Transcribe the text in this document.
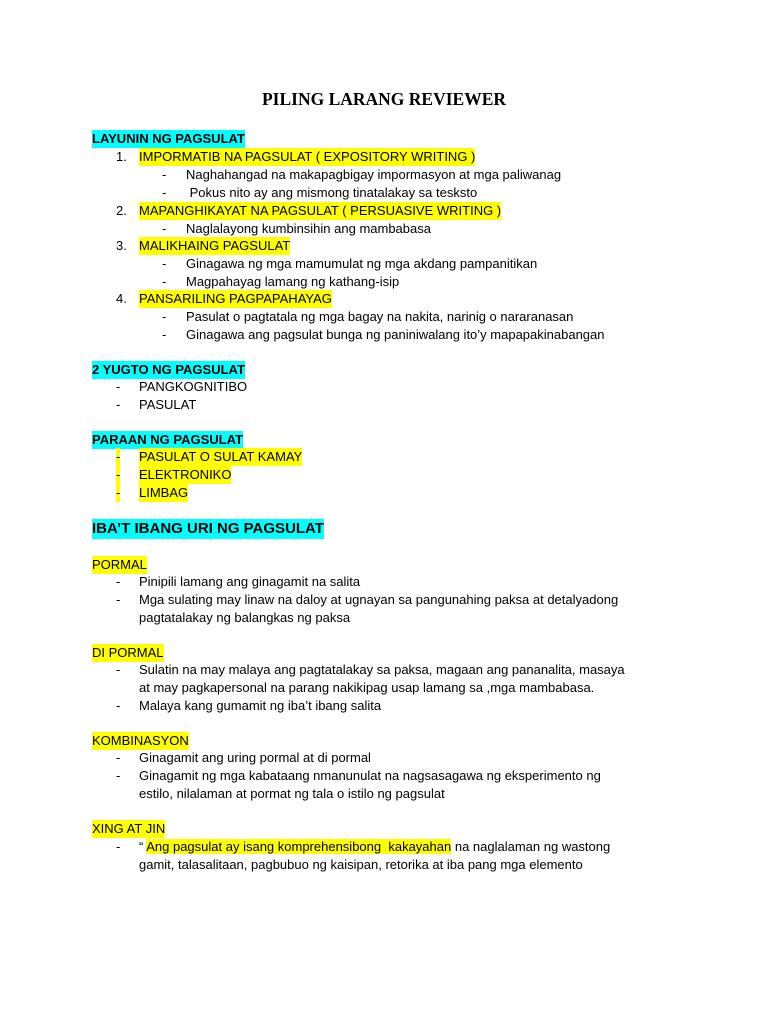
PILING LARANG REVIEWER
LAYUNIN NG PAGSULAT
1. IMPORMATIB NA PAGSULAT ( EXPOSITORY WRITING )
- Naghahangad na makapagbigay impormasyon at mga paliwanag
- Pokus nito ay ang mismong tinatalakay sa tesksto
2. MAPANGHIKAYAT NA PAGSULAT ( PERSUASIVE WRITING )
- Naglalayong kumbinsihin ang mambabasa
3. MALIKHAING PAGSULAT
- Ginagawa ng mga mamumulat ng mga akdang pampanitikan
- Magpahayag lamang ng kathang-isip
4. PANSARILING PAGPAPAHAYAG
- Pasulat o pagtatala ng mga bagay na nakita, narinig o nararanasan
- Ginagawa ang pagsulat bunga ng paniniwalang ito’y mapapakinabangan
2 YUGTO NG PAGSULAT
- PANGKOGNITIBO
- PASULAT
PARAAN NG PAGSULAT
- PASULAT O SULAT KAMAY
- ELEKTRONIKO
- LIMBAG
IBA’T IBANG URI NG PAGSULAT
PORMAL
- Pinipili lamang ang ginagamit na salita
- Mga sulating may linaw na daloy at ugnayan sa pangunahing paksa at detalyadong
pagtatalakay ng balangkas ng paksa
DI PORMAL
- Sulatin na may malaya ang pagtatalakay sa paksa, magaan ang pananalita, masaya
at may pagkapersonal na parang nakikipag usap lamang sa ,mga mambabasa.
- Malaya kang gumamit ng iba’t ibang salita
KOMBINASYON
- Ginagamit ang uring pormal at di pormal
- Ginagamit ng mga kabataang nmanunulat na nagsasagawa ng eksperimento ng
estilo, nilalaman at pormat ng tala o istilo ng pagsulat
XING AT JIN
- “ Ang pagsulat ay isang komprehensibong  kakayahan na naglalaman ng wastong
gamit, talasalitaan, pagbubuo ng kaisipan, retorika at iba pang mga elemento
